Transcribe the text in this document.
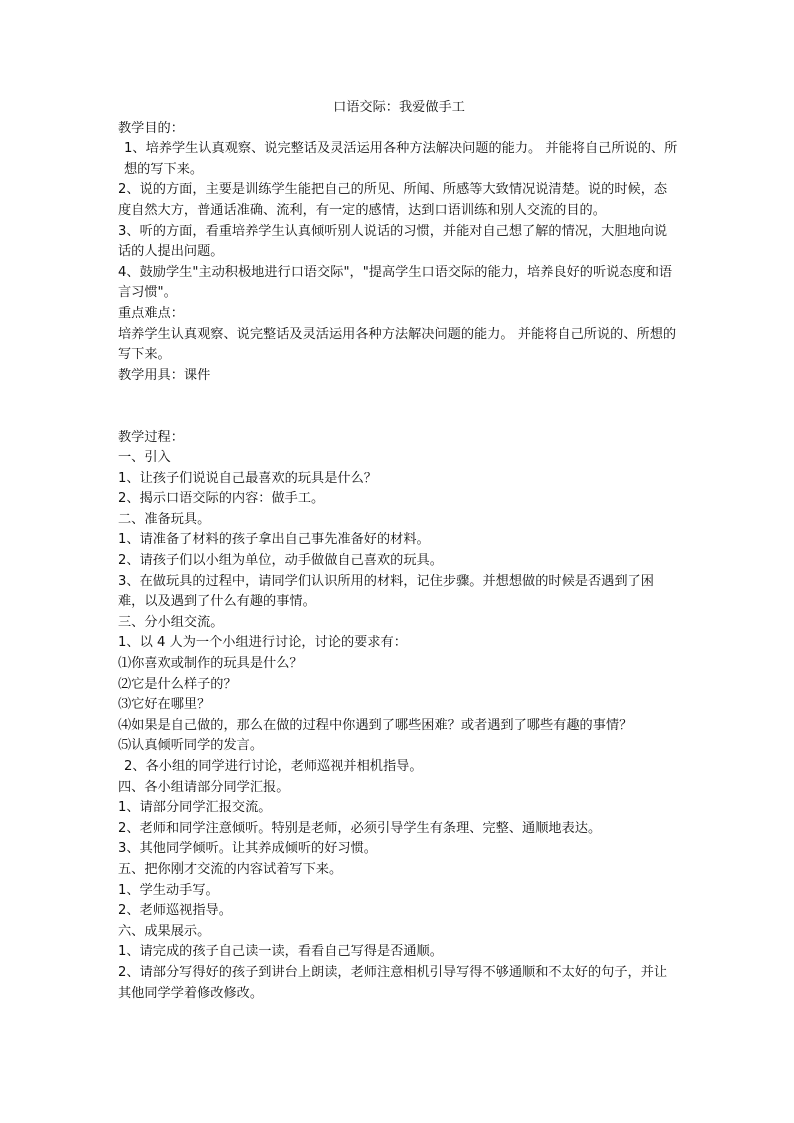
口语交际：我爱做手工

教学目的：

1、培养学生认真观察、说完整话及灵活运用各种方法解决问题的能力。 并能将自己所说的、所想的写下来。

2、说的方面，主要是训练学生能把自己的所见、所闻、所感等大致情况说清楚。说的时候，态度自然大方，普通话准确、流利，有一定的感情，达到口语训练和别人交流的目的。

3、听的方面，看重培养学生认真倾听别人说话的习惯，并能对自己想了解的情况，大胆地向说话的人提出问题。

4、鼓励学生"主动积极地进行口语交际"，"提高学生口语交际的能力，培养良好的听说态度和语言习惯"。

重点难点：

培养学生认真观察、说完整话及灵活运用各种方法解决问题的能力。 并能将自己所说的、所想的写下来。

教学用具：课件

教学过程：

一、引入

1、让孩子们说说自己最喜欢的玩具是什么？

2、揭示口语交际的内容：做手工。

二、准备玩具。

1、请准备了材料的孩子拿出自己事先准备好的材料。

2、请孩子们以小组为单位，动手做做自己喜欢的玩具。

3、在做玩具的过程中，请同学们认识所用的材料，记住步骤。并想想做的时候是否遇到了困难，以及遇到了什么有趣的事情。

三、分小组交流。

1、以 4 人为一个小组进行讨论，讨论的要求有：

⑴你喜欢或制作的玩具是什么？

⑵它是什么样子的？

⑶它好在哪里？

⑷如果是自己做的，那么在做的过程中你遇到了哪些困难？或者遇到了哪些有趣的事情？

⑸认真倾听同学的发言。

2、各小组的同学进行讨论，老师巡视并相机指导。

四、各小组请部分同学汇报。

1、请部分同学汇报交流。

2、老师和同学注意倾听。特别是老师，必须引导学生有条理、完整、通顺地表达。

3、其他同学倾听。让其养成倾听的好习惯。

五、把你刚才交流的内容试着写下来。

1、学生动手写。

2、老师巡视指导。

六、成果展示。

1、请完成的孩子自己读一读，看看自己写得是否通顺。

2、请部分写得好的孩子到讲台上朗读，老师注意相机引导写得不够通顺和不太好的句子，并让其他同学学着修改修改。
